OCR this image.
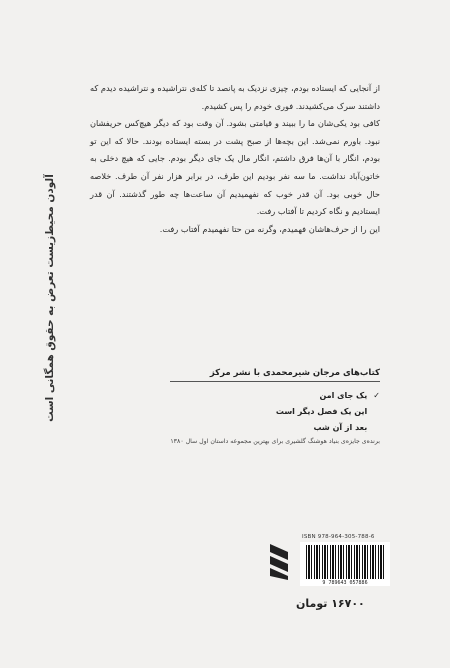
از آنجایی که ایستاده بودم، چیزی نزدیک به پانصد تا کله‌ی نتراشیده و نتراشیده دیدم که داشتند سرک می‌کشیدند. فوری خودم را پس کشیدم.

کافی بود یکی‌شان ما را ببیند و قیامتی بشود. آن وقت بود که دیگر هیچ‌کس حریفشان نبود. باورم نمی‌شد. این بچه‌ها از صبح پشت در بسته ایستاده بودند. حالا که این تو بودم، انگار با آن‌ها فرق داشتم، انگار مال یک جای دیگر بودم. جایی که هیچ دخلی به خاتون‌آباد نداشت. ما سه نفر بودیم این طرف، در برابر هزار نفر آن طرف. خلاصه حال خوبی بود. آن قدر خوب که نفهمیدیم آن ساعت‌ها چه طور گذشتند. آن قدر ایستادیم و نگاه کردیم تا آفتاب رفت.

این را از حرف‌هاشان فهمیدم، وگرنه من حتا نفهمیدم آفتاب رفت.

آلودن محیط‌زیست تعرض به حقوق همگانی است	کتاب‌های مرجان شیرمحمدی با نشر مرکز
✓ یک جای امن
این یک فصل دیگر است
بعد از آن شب
برنده‌ی جایزه‌ی بنیاد هوشنگ گلشیری برای بهترین مجموعه داستان اول سال ۱۳۸۰
ISBN 978-964-305-788-6
9 789643 057886
۱۶۷۰۰ تومان
